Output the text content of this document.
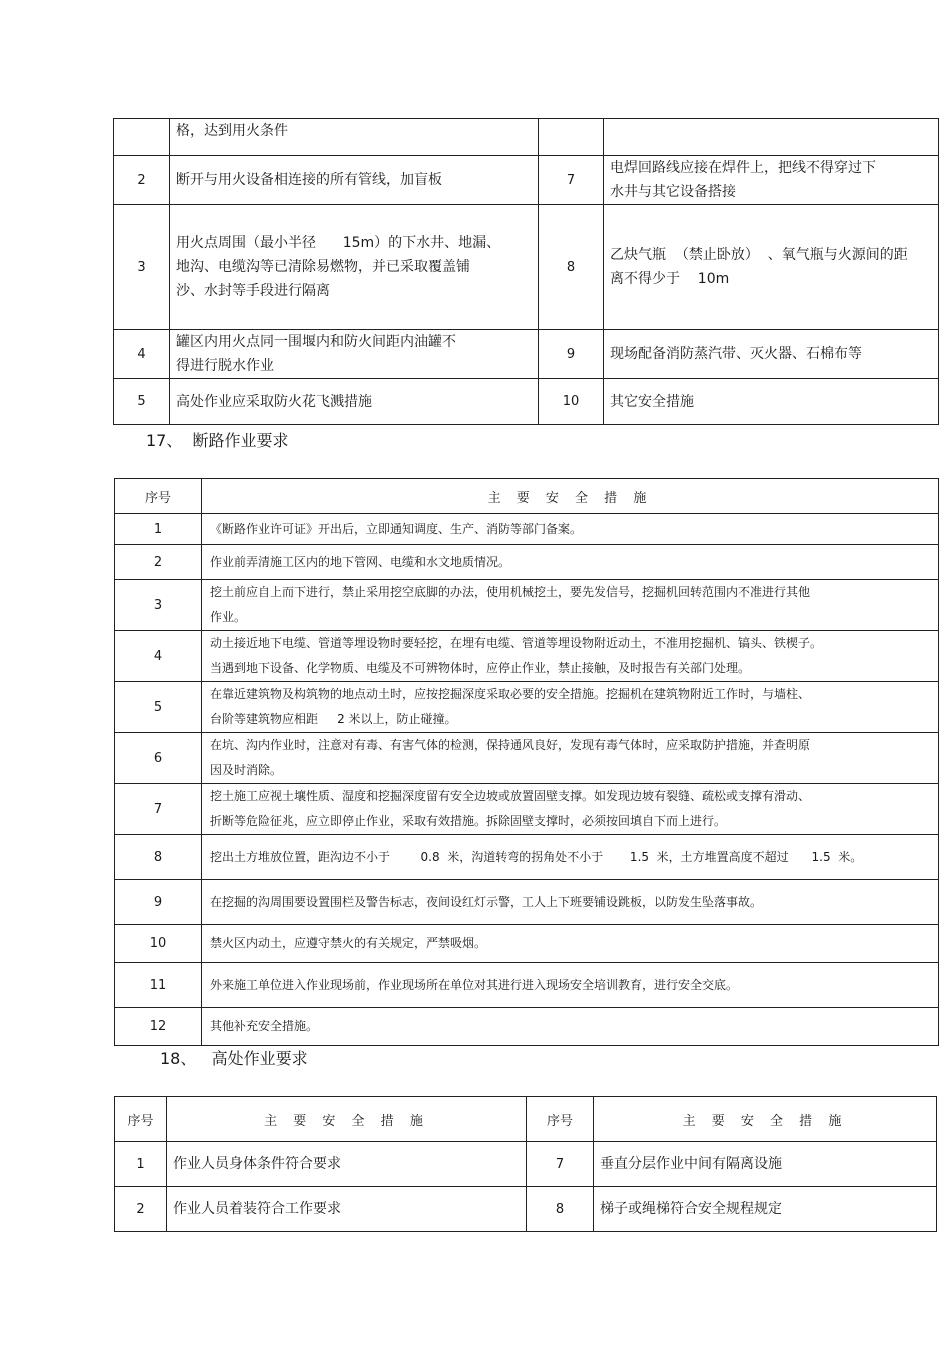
	格，达到用火条件		
2	断开与用火设备相连接的所有管线，加盲板	7	电焊回路线应接在焊件上，把线不得穿过下
水井与其它设备搭接
3	用火点周围（最小半径      15m）的下水井、地漏、
地沟、电缆沟等已清除易燃物，并已采取覆盖铺
沙、水封等手段进行隔离	8	乙炔气瓶  （禁止卧放）  、氧气瓶与火源间的距
离不得少于    10m
4	罐区内用火点同一围堰内和防火间距内油罐不
得进行脱水作业	9	现场配备消防蒸汽带、灭火器、石棉布等
5	高处作业应采取防火花飞溅措施	10	其它安全措施
17、  断路作业要求
序号	主 要 安 全 措 施
1	《断路作业许可证》开出后，立即通知调度、生产、消防等部门备案。
2	作业前弄清施工区内的地下管网、电缆和水文地质情况。
3	挖土前应自上而下进行，禁止采用挖空底脚的办法，使用机械挖土，要先发信号，挖掘机回转范围内不准进行其他
作业。
4	动土接近地下电缆、管道等埋设物时要轻挖，在埋有电缆、管道等埋设物附近动土，不准用挖掘机、镐头、铁楔子。
当遇到地下设备、化学物质、电缆及不可辨物体时，应停止作业，禁止接触，及时报告有关部门处理。
5	在靠近建筑物及构筑物的地点动土时，应按挖掘深度采取必要的安全措施。挖掘机在建筑物附近工作时，与墙柱、
台阶等建筑物应相距     2 米以上，防止碰撞。
6	在坑、沟内作业时，注意对有毒、有害气体的检测，保持通风良好，发现有毒气体时，应采取防护措施，并查明原
因及时消除。
7	挖土施工应视土壤性质、湿度和挖掘深度留有安全边坡或放置固壁支撑。如发现边坡有裂缝、疏松或支撑有滑动、
折断等危险征兆，应立即停止作业，采取有效措施。拆除固壁支撑时，必须按回填自下而上进行。
8	挖出土方堆放位置，距沟边不小于        0.8  米，沟道转弯的拐角处不小于       1.5  米，土方堆置高度不超过      1.5  米。
9	在挖掘的沟周围要设置围栏及警告标志，夜间设红灯示警，工人上下班要铺设跳板，以防发生坠落事故。
10	禁火区内动土，应遵守禁火的有关规定，严禁吸烟。
11	外来施工单位进入作业现场前，作业现场所在单位对其进行进入现场安全培训教育，进行安全交底。
12	其他补充安全措施。
18、   高处作业要求
序号	主 要 安 全 措 施	序号	主 要 安 全 措 施
1	作业人员身体条件符合要求	7	垂直分层作业中间有隔离设施
2	作业人员着装符合工作要求	8	梯子或绳梯符合安全规程规定
